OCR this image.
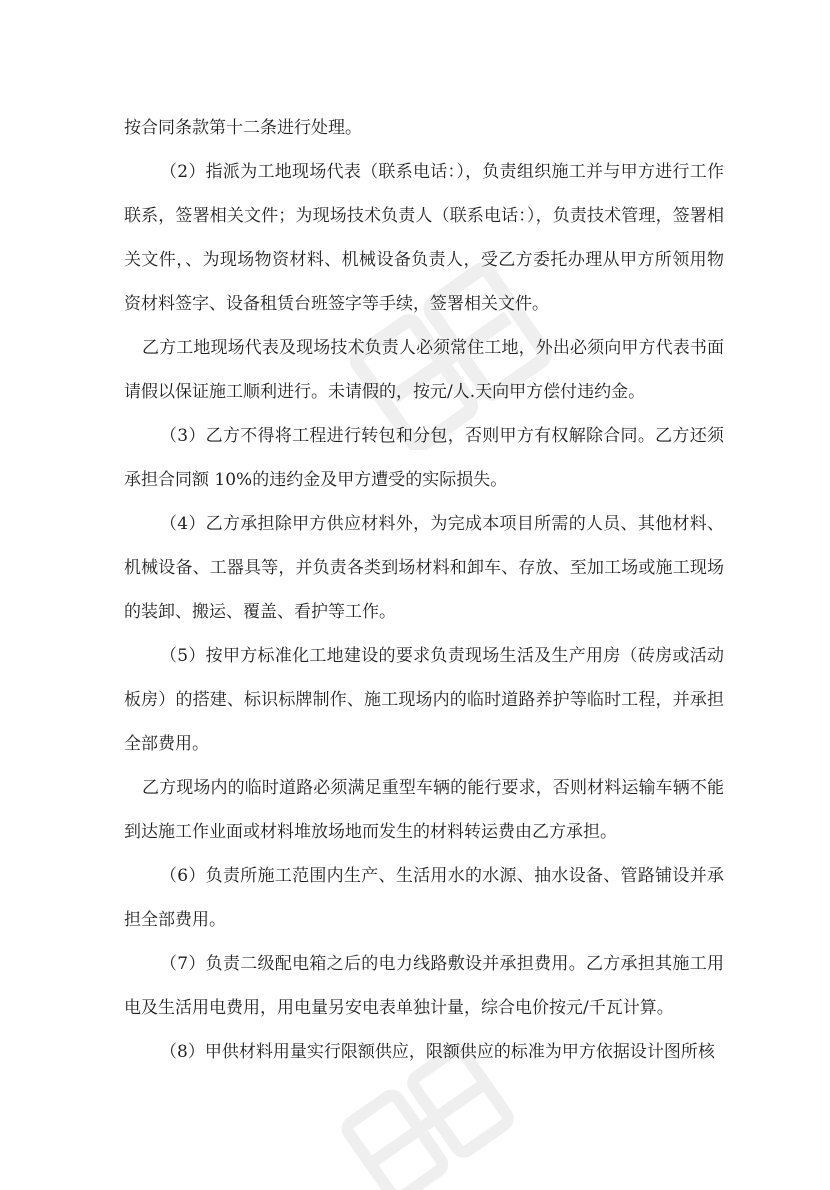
按合同条款第十二条进行处理。

（2）指派为工地现场代表（联系电话：），负责组织施工并与甲方进行工作联系，签署相关文件；为现场技术负责人（联系电话：），负责技术管理，签署相关文件，、为现场物资材料、机械设备负责人，受乙方委托办理从甲方所领用物资材料签字、设备租赁台班签字等手续，签署相关文件。

乙方工地现场代表及现场技术负责人必须常住工地，外出必须向甲方代表书面请假以保证施工顺利进行。未请假的，按元/人.天向甲方偿付违约金。

（3）乙方不得将工程进行转包和分包，否则甲方有权解除合同。乙方还须承担合同额 10%的违约金及甲方遭受的实际损失。

（4）乙方承担除甲方供应材料外，为完成本项目所需的人员、其他材料、机械设备、工器具等，并负责各类到场材料和卸车、存放、至加工场或施工现场的装卸、搬运、覆盖、看护等工作。

（5）按甲方标准化工地建设的要求负责现场生活及生产用房（砖房或活动板房）的搭建、标识标牌制作、施工现场内的临时道路养护等临时工程，并承担全部费用。

乙方现场内的临时道路必须满足重型车辆的能行要求，否则材料运输车辆不能到达施工作业面或材料堆放场地而发生的材料转运费由乙方承担。

（6）负责所施工范围内生产、生活用水的水源、抽水设备、管路铺设并承担全部费用。

（7）负责二级配电箱之后的电力线路敷设并承担费用。乙方承担其施工用电及生活用电费用，用电量另安电表单独计量，综合电价按元/千瓦计算。

（8）甲供材料用量实行限额供应，限额供应的标准为甲方依据设计图所核
